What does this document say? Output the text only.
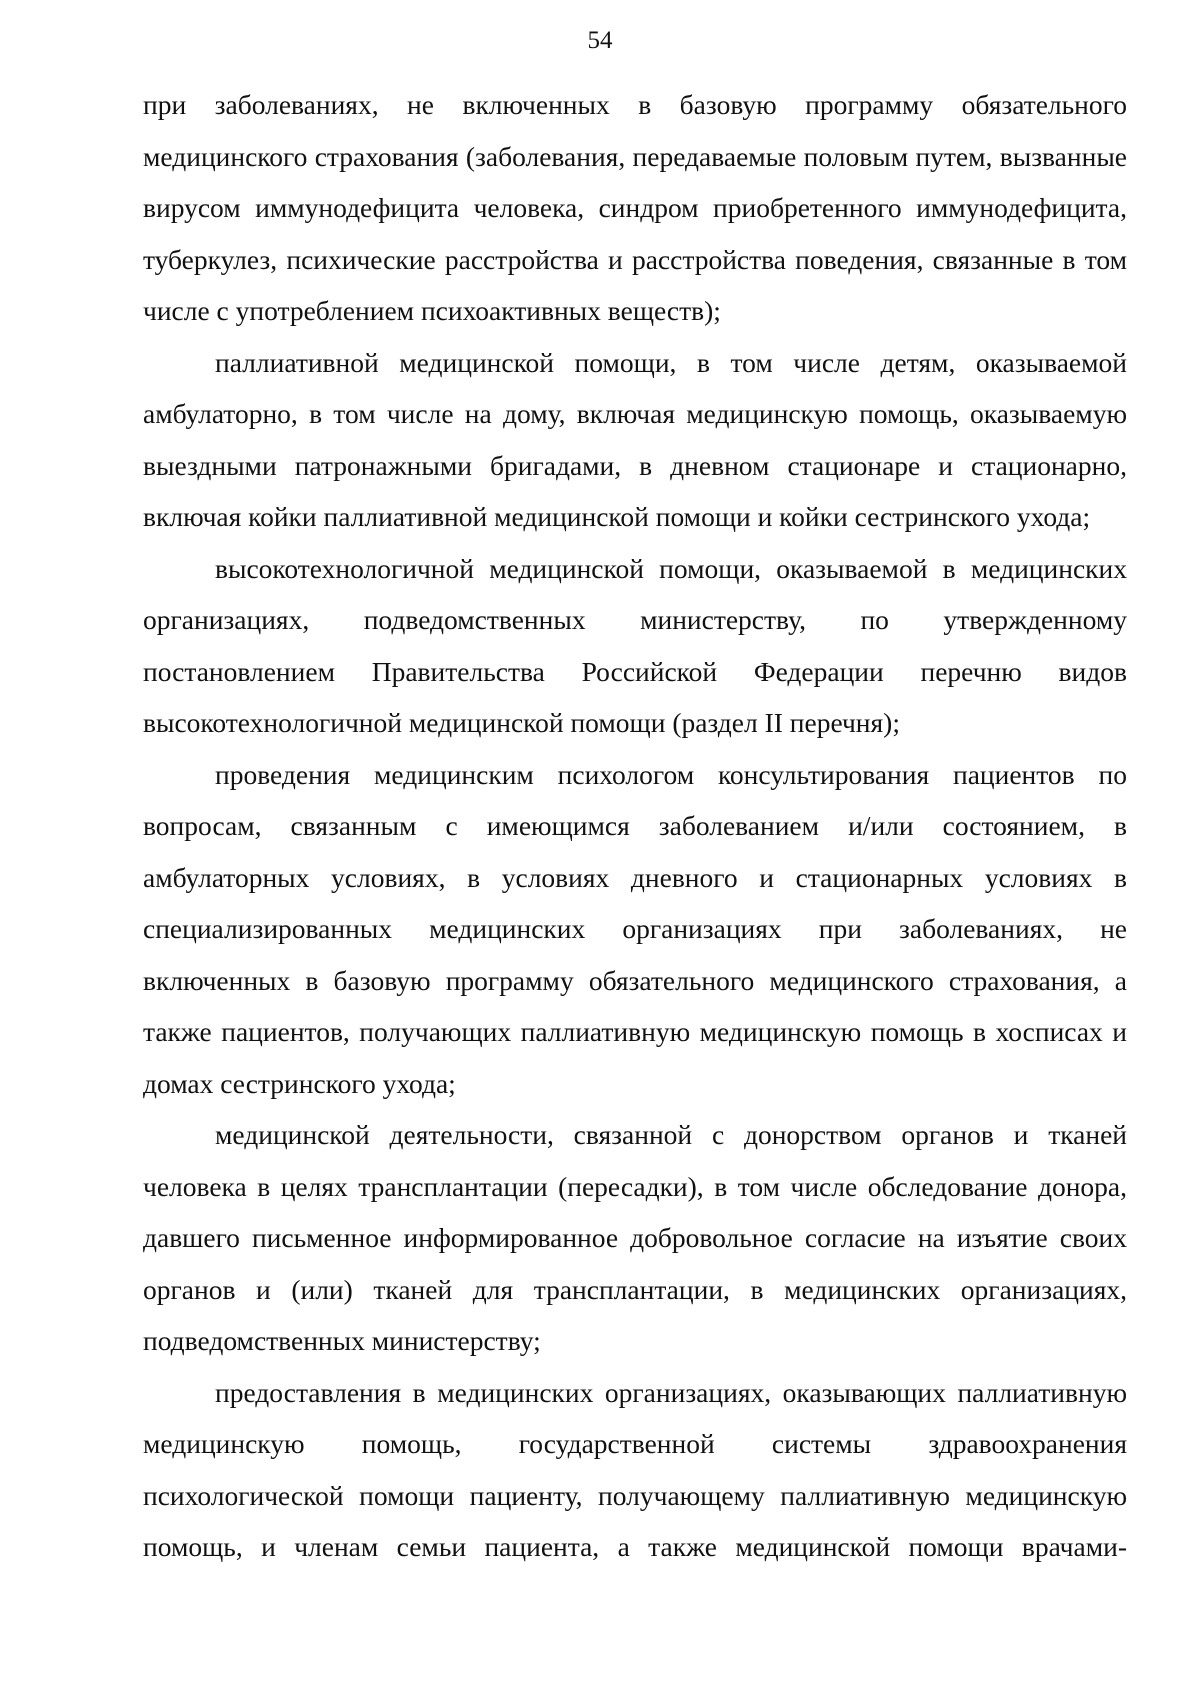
54

при заболеваниях, не включенных в базовую программу обязательного медицинского страхования (заболевания, передаваемые половым путем, вызванные вирусом иммунодефицита человека, синдром приобретенного иммунодефицита, туберкулез, психические расстройства и расстройства поведения, связанные в том числе с употреблением психоактивных веществ);

паллиативной медицинской помощи, в том числе детям, оказываемой амбулаторно, в том числе на дому, включая медицинскую помощь, оказываемую выездными патронажными бригадами, в дневном стационаре и стационарно, включая койки паллиативной медицинской помощи и койки сестринского ухода;

высокотехнологичной медицинской помощи, оказываемой в медицинских организациях, подведомственных министерству, по утвержденному постановлением Правительства Российской Федерации перечню видов высокотехнологичной медицинской помощи (раздел II перечня);

проведения медицинским психологом консультирования пациентов по вопросам, связанным с имеющимся заболеванием и/или состоянием, в амбулаторных условиях, в условиях дневного и стационарных условиях в специализированных медицинских организациях при заболеваниях, не включенных в базовую программу обязательного медицинского страхования, а также пациентов, получающих паллиативную медицинскую помощь в хосписах и домах сестринского ухода;

медицинской деятельности, связанной с донорством органов и тканей человека в целях трансплантации (пересадки), в том числе обследование донора, давшего письменное информированное добровольное согласие на изъятие своих органов и (или) тканей для трансплантации, в медицинских организациях, подведомственных министерству;

предоставления в медицинских организациях, оказывающих паллиативную медицинскую помощь, государственной системы здравоохранения психологической помощи пациенту, получающему паллиативную медицинскую помощь, и членам семьи пациента, а также медицинской помощи врачами-
